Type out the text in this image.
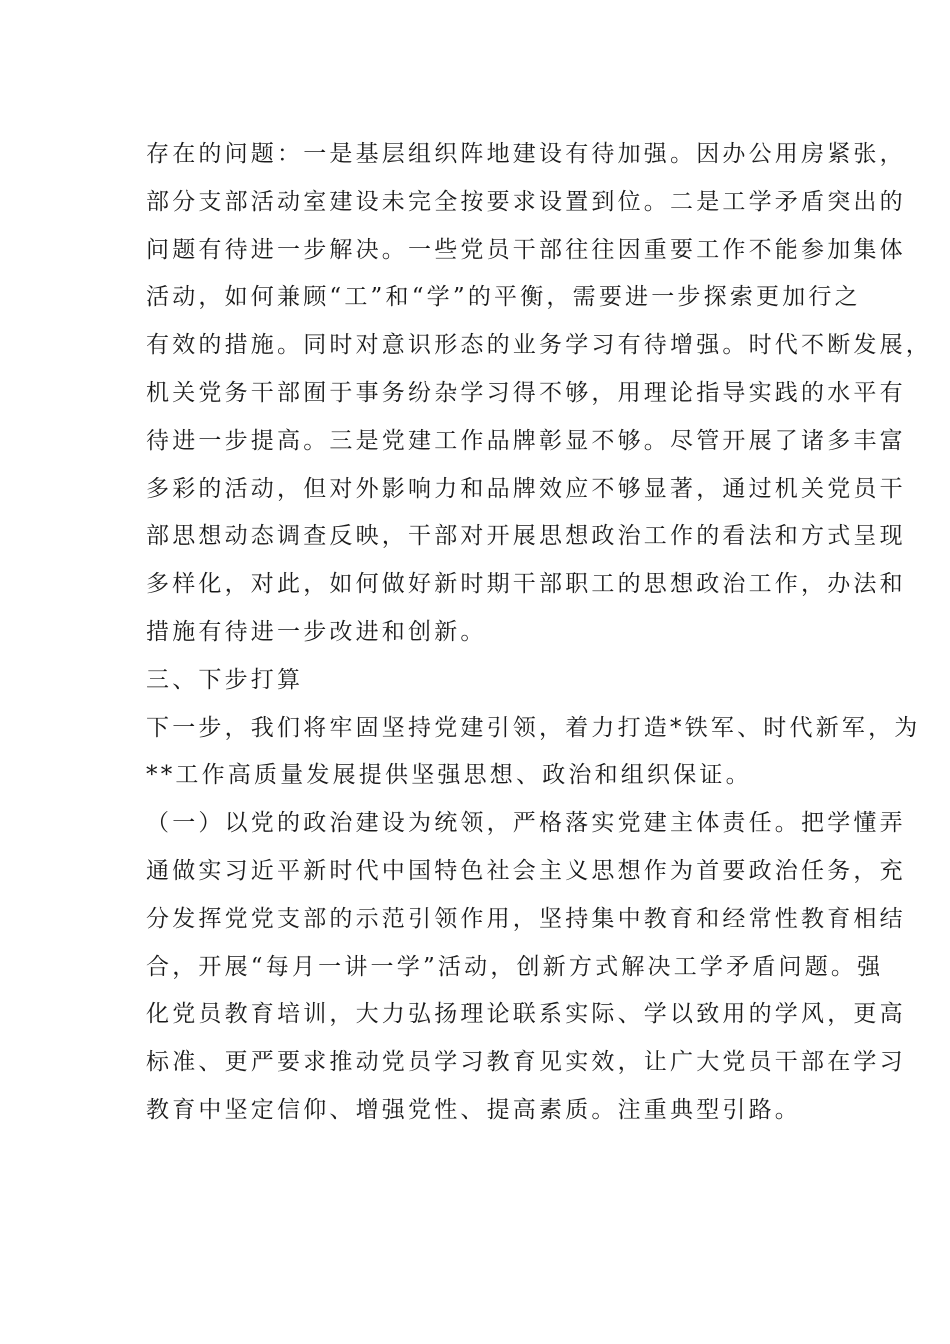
存在的问题：一是基层组织阵地建设有待加强。因办公用房紧张，
部分支部活动室建设未完全按要求设置到位。二是工学矛盾突出的
问题有待进一步解决。一些党员干部往往因重要工作不能参加集体
活动，如何兼顾“工”和“学”的平衡，需要进一步探索更加行之
有效的措施。同时对意识形态的业务学习有待增强。时代不断发展，
机关党务干部囿于事务纷杂学习得不够，用理论指导实践的水平有
待进一步提高。三是党建工作品牌彰显不够。尽管开展了诸多丰富
多彩的活动，但对外影响力和品牌效应不够显著，通过机关党员干
部思想动态调查反映，干部对开展思想政治工作的看法和方式呈现
多样化，对此，如何做好新时期干部职工的思想政治工作，办法和
措施有待进一步改进和创新。
三、下步打算
下一步，我们将牢固坚持党建引领，着力打造*铁军、时代新军，为
**工作高质量发展提供坚强思想、政治和组织保证。
（一）以党的政治建设为统领，严格落实党建主体责任。把学懂弄
通做实习近平新时代中国特色社会主义思想作为首要政治任务，充
分发挥党党支部的示范引领作用，坚持集中教育和经常性教育相结
合，开展“每月一讲一学”活动，创新方式解决工学矛盾问题。强
化党员教育培训，大力弘扬理论联系实际、学以致用的学风，更高
标准、更严要求推动党员学习教育见实效，让广大党员干部在学习
教育中坚定信仰、增强党性、提高素质。注重典型引路。
